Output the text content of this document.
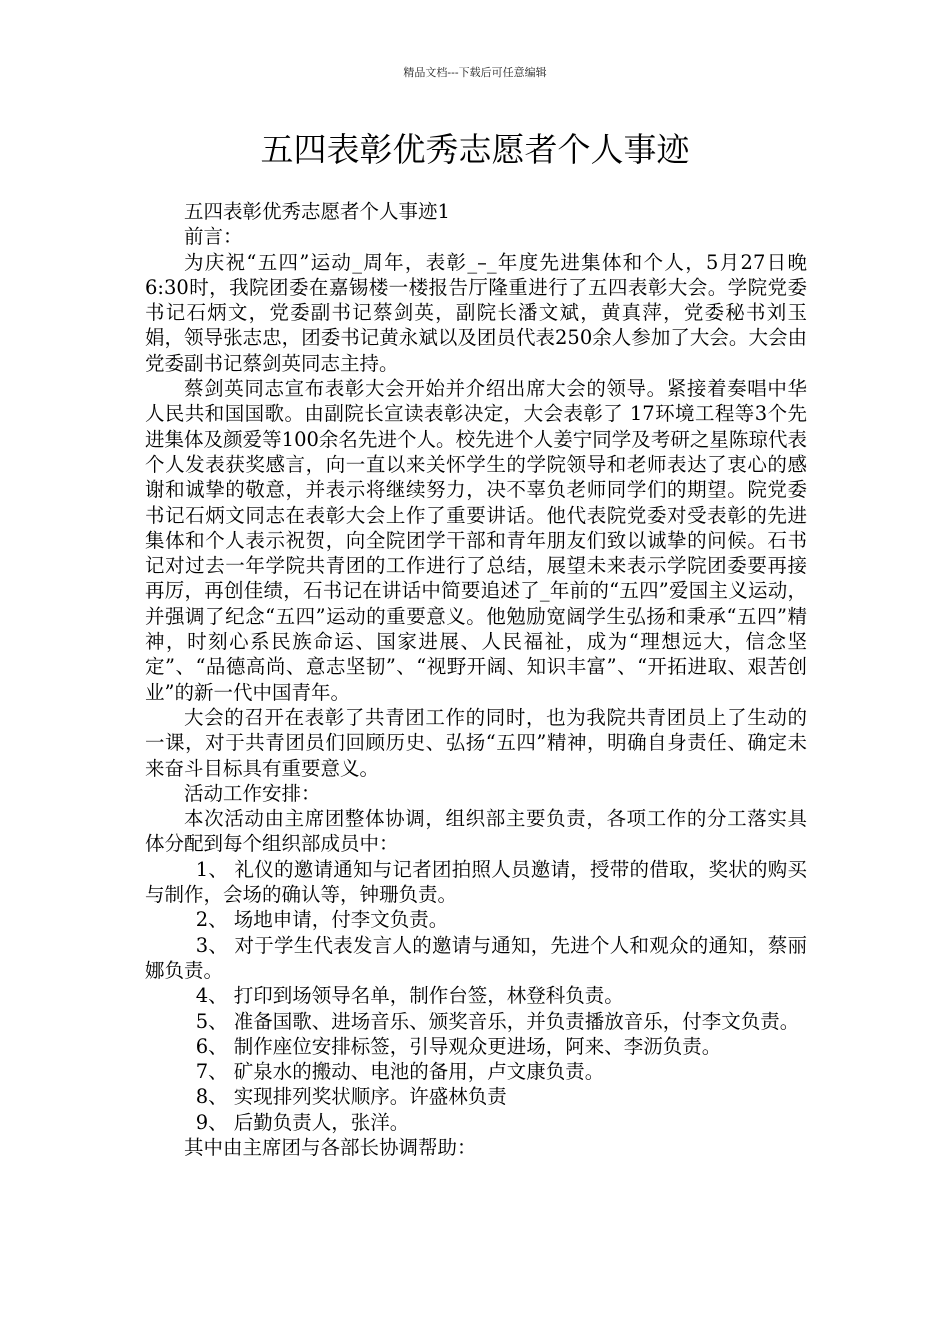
精品文档---下载后可任意编辑
五四表彰优秀志愿者个人事迹

五四表彰优秀志愿者个人事迹1

前言：

为庆祝“五四”运动_周年，表彰_–_年度先进集体和个人，5月27日晚6:30时，我院团委在嘉锡楼一楼报告厅隆重进行了五四表彰大会。学院党委书记石炳文，党委副书记蔡剑英，副院长潘文斌，黄真萍，党委秘书刘玉娟，领导张志忠，团委书记黄永斌以及团员代表250余人参加了大会。大会由党委副书记蔡剑英同志主持。

蔡剑英同志宣布表彰大会开始并介绍出席大会的领导。紧接着奏唱中华人民共和国国歌。由副院长宣读表彰决定，大会表彰了 17环境工程等3个先进集体及颜爱等100余名先进个人。校先进个人姜宁同学及考研之星陈琼代表个人发表获奖感言，向一直以来关怀学生的学院领导和老师表达了衷心的感谢和诚挚的敬意，并表示将继续努力，决不辜负老师同学们的期望。院党委书记石炳文同志在表彰大会上作了重要讲话。他代表院党委对受表彰的先进集体和个人表示祝贺，向全院团学干部和青年朋友们致以诚挚的问候。石书记对过去一年学院共青团的工作进行了总结，展望未来表示学院团委要再接再厉，再创佳绩，石书记在讲话中简要追述了_年前的“五四”爱国主义运动，并强调了纪念“五四”运动的重要意义。他勉励宽阔学生弘扬和秉承“五四”精神，时刻心系民族命运、国家进展、人民福祉，成为“理想远大，信念坚定”、“品德高尚、意志坚韧”、“视野开阔、知识丰富”、“开拓进取、艰苦创业”的新一代中国青年。

大会的召开在表彰了共青团工作的同时，也为我院共青团员上了生动的一课，对于共青团员们回顾历史、弘扬“五四”精神，明确自身责任、确定未来奋斗目标具有重要意义。

活动工作安排：

本次活动由主席团整体协调，组织部主要负责，各项工作的分工落实具体分配到每个组织部成员中：

1、 礼仪的邀请通知与记者团拍照人员邀请，授带的借取，奖状的购买与制作，会场的确认等，钟珊负责。

2、 场地申请，付李文负责。

3、 对于学生代表发言人的邀请与通知，先进个人和观众的通知，蔡丽娜负责。

4、 打印到场领导名单，制作台签，林登科负责。

5、 准备国歌、进场音乐、颁奖音乐，并负责播放音乐，付李文负责。

6、 制作座位安排标签，引导观众更进场，阿来、李沥负责。

7、 矿泉水的搬动、电池的备用，卢文康负责。

8、 实现排列奖状顺序。许盛林负责

9、 后勤负责人，张洋。

其中由主席团与各部长协调帮助：
